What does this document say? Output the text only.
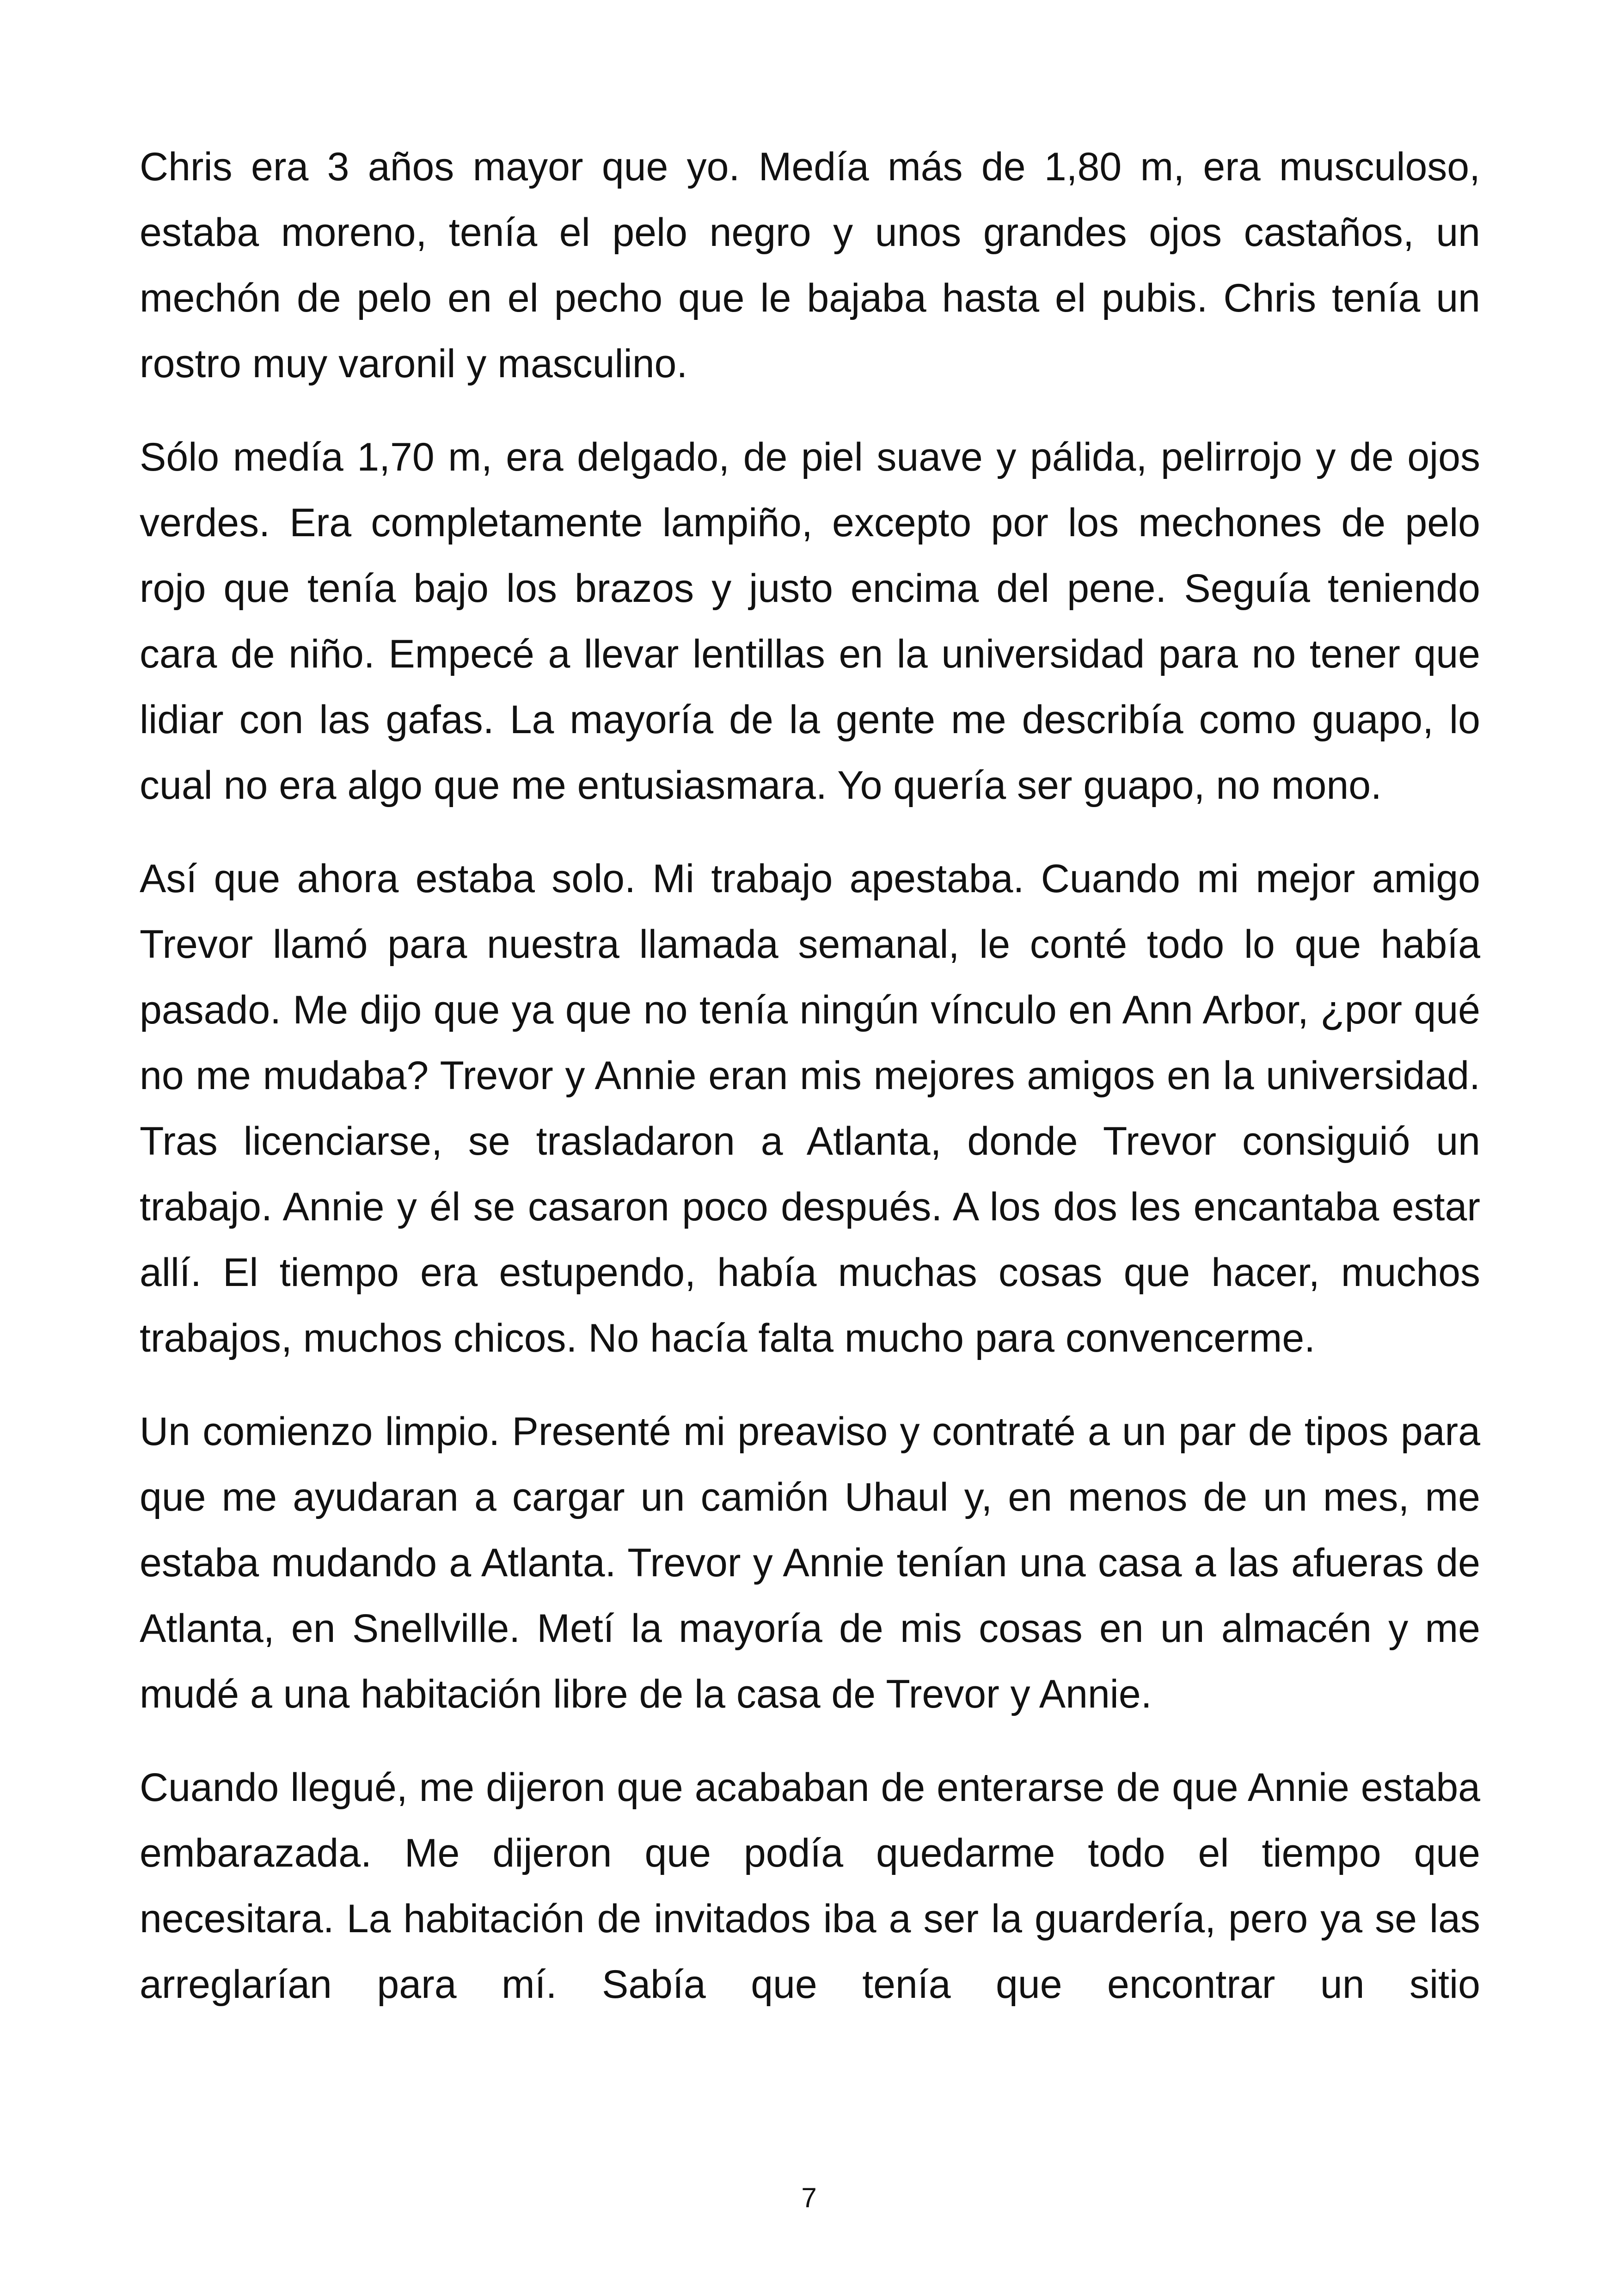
Chris era 3 años mayor que yo. Medía más de 1,80 m, era musculoso, estaba moreno, tenía el pelo negro y unos grandes ojos castaños, un mechón de pelo en el pecho que le bajaba hasta el pubis. Chris tenía un rostro muy varonil y masculino.

Sólo medía 1,70 m, era delgado, de piel suave y pálida, pelirrojo y de ojos verdes. Era completamente lampiño, excepto por los mechones de pelo rojo que tenía bajo los brazos y justo encima del pene. Seguía teniendo cara de niño. Empecé a llevar lentillas en la universidad para no tener que lidiar con las gafas. La mayoría de la gente me describía como guapo, lo cual no era algo que me entusiasmara. Yo quería ser guapo, no mono.

Así que ahora estaba solo. Mi trabajo apestaba. Cuando mi mejor amigo Trevor llamó para nuestra llamada semanal, le conté todo lo que había pasado. Me dijo que ya que no tenía ningún vínculo en Ann Arbor, ¿por qué no me mudaba? Trevor y Annie eran mis mejores amigos en la universidad. Tras licenciarse, se trasladaron a Atlanta, donde Trevor consiguió un trabajo. Annie y él se casaron poco después. A los dos les encantaba estar allí. El tiempo era estupendo, había muchas cosas que hacer, muchos trabajos, muchos chicos. No hacía falta mucho para convencerme.

Un comienzo limpio. Presenté mi preaviso y contraté a un par de tipos para que me ayudaran a cargar un camión Uhaul y, en menos de un mes, me estaba mudando a Atlanta. Trevor y Annie tenían una casa a las afueras de Atlanta, en Snellville. Metí la mayoría de mis cosas en un almacén y me mudé a una habitación libre de la casa de Trevor y Annie.

Cuando llegué, me dijeron que acababan de enterarse de que Annie estaba embarazada. Me dijeron que podía quedarme todo el tiempo que necesitara. La habitación de invitados iba a ser la guardería, pero ya se las arreglarían para mí. Sabía que tenía que encontrar un sitio

7
